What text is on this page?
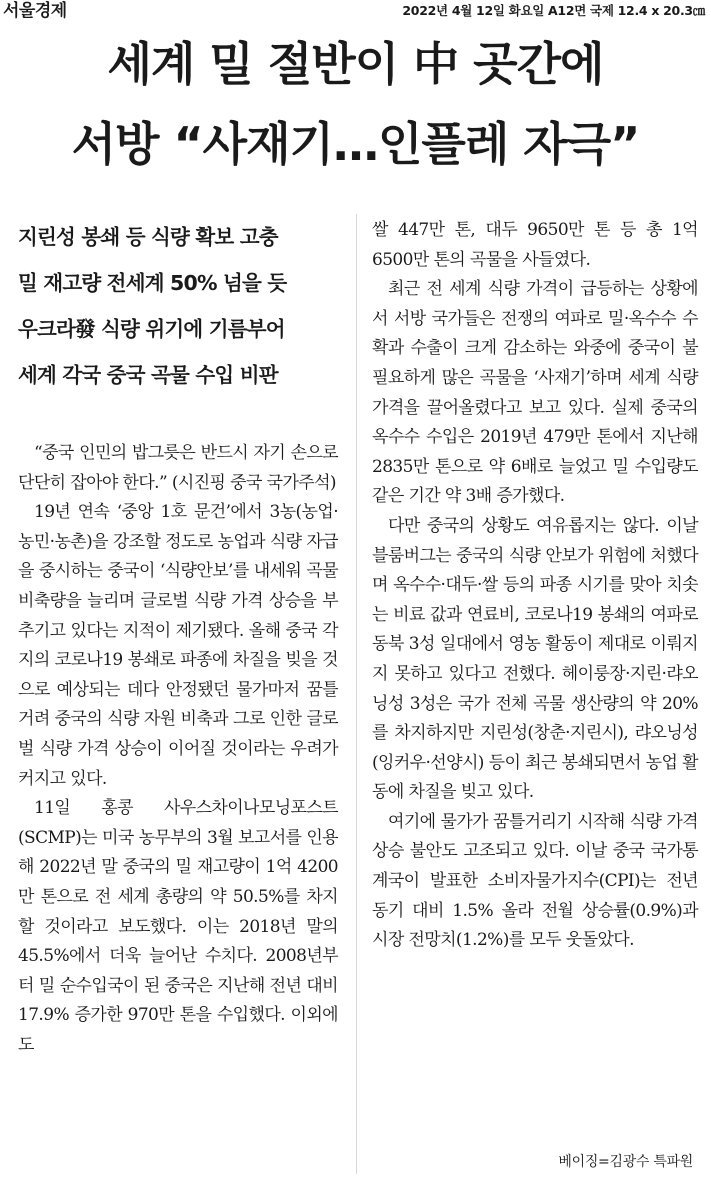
서울경제	2022년 4월 12일 화요일 A12면 국제 12.4 x 20.3㎝
세계 밀 절반이 中 곳간에
서방 “사재기…인플레 자극”
지린성 봉쇄 등 식량 확보 고충
밀 재고량 전세계 50% 넘을 듯
우크라發 식량 위기에 기름부어
세계 각국 중국 곡물 수입 비판

“중국 인민의 밥그릇은 반드시 자기 손으로 단단히 잡아야 한다.” (시진핑 중국 국가주석)

19년 연속 ‘중앙 1호 문건’에서 3농(농업·농민·농촌)을 강조할 정도로 농업과 식량 자급을 중시하는 중국이 ‘식량안보’를 내세워 곡물 비축량을 늘리며 글로벌 식량 가격 상승을 부추기고 있다는 지적이 제기됐다. 올해 중국 각지의 코로나19 봉쇄로 파종에 차질을 빚을 것으로 예상되는 데다 안정됐던 물가마저 꿈틀거려 중국의 식량 자원 비축과 그로 인한 글로벌 식량 가격 상승이 이어질 것이라는 우려가 커지고 있다.

11일 홍콩 사우스차이나모닝포스트(SCMP)는 미국 농무부의 3월 보고서를 인용해 2022년 말 중국의 밀 재고량이 1억 4200만 톤으로 전 세계 총량의 약 50.5%를 차지할 것이라고 보도했다. 이는 2018년 말의 45.5%에서 더욱 늘어난 수치다. 2008년부터 밀 순수입국이 된 중국은 지난해 전년 대비 17.9% 증가한 970만 톤을 수입했다. 이외에도

쌀 447만 톤, 대두 9650만 톤 등 총 1억 6500만 톤의 곡물을 사들였다.

최근 전 세계 식량 가격이 급등하는 상황에서 서방 국가들은 전쟁의 여파로 밀·옥수수 수확과 수출이 크게 감소하는 와중에 중국이 불필요하게 많은 곡물을 ‘사재기’하며 세계 식량 가격을 끌어올렸다고 보고 있다. 실제 중국의 옥수수 수입은 2019년 479만 톤에서 지난해 2835만 톤으로 약 6배로 늘었고 밀 수입량도 같은 기간 약 3배 증가했다.

다만 중국의 상황도 여유롭지는 않다. 이날 블룸버그는 중국의 식량 안보가 위험에 처했다며 옥수수·대두·쌀 등의 파종 시기를 맞아 치솟는 비료 값과 연료비, 코로나19 봉쇄의 여파로 동북 3성 일대에서 영농 활동이 제대로 이뤄지지 못하고 있다고 전했다. 헤이룽장·지린·랴오닝성 3성은 국가 전체 곡물 생산량의 약 20%를 차지하지만 지린성(창춘·지린시), 랴오닝성(잉커우·선양시) 등이 최근 봉쇄되면서 농업 활동에 차질을 빚고 있다.

여기에 물가가 꿈틀거리기 시작해 식량 가격 상승 불안도 고조되고 있다. 이날 중국 국가통계국이 발표한 소비자물가지수(CPI)는 전년 동기 대비 1.5% 올라 전월 상승률(0.9%)과 시장 전망치(1.2%)를 모두 웃돌았다.

베이징=김광수 특파원
